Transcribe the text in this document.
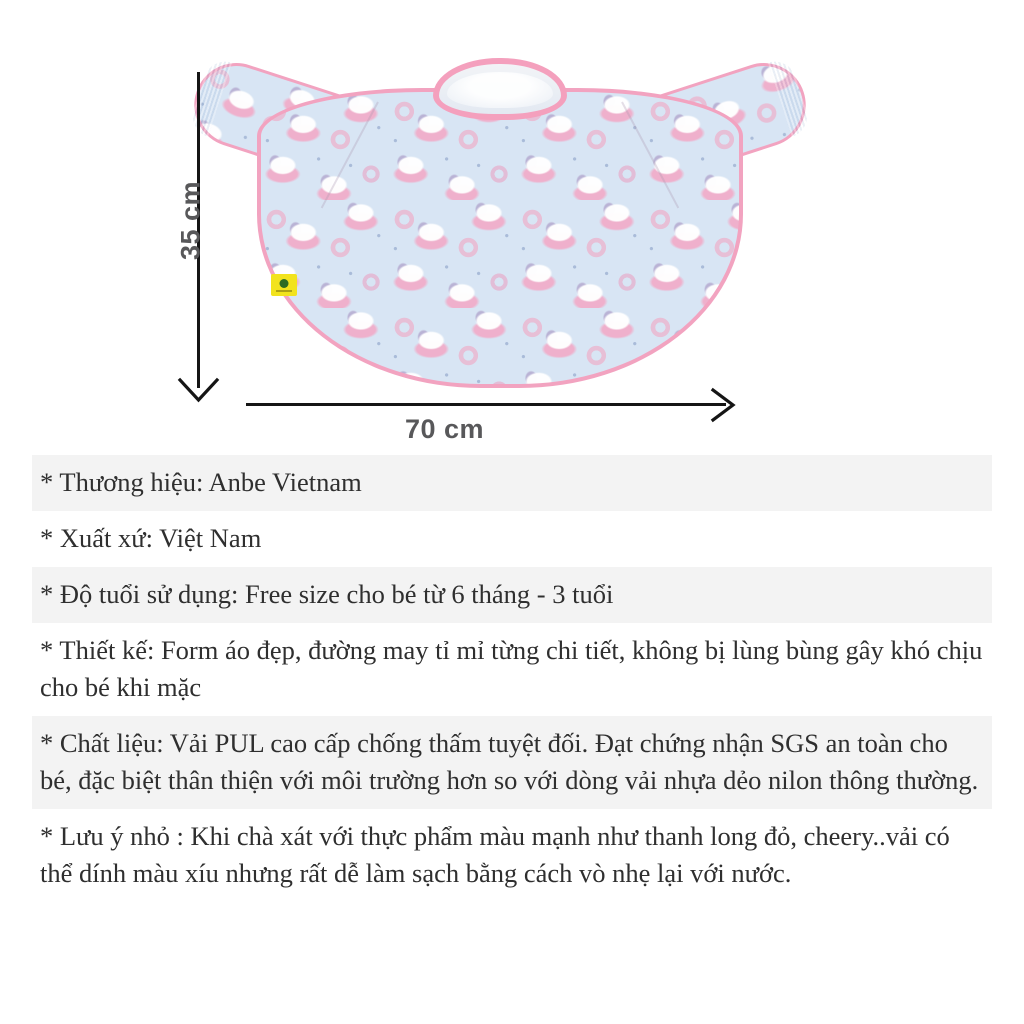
35 cm
70 cm
* Thương hiệu: Anbe Vietnam
* Xuất xứ: Việt Nam
* Độ tuổi sử dụng: Free size cho bé từ 6 tháng - 3 tuổi
* Thiết kế: Form áo đẹp, đường may tỉ mỉ từng chi tiết, không bị lùng bùng gây khó chịu cho bé khi mặc
* Chất liệu: Vải PUL cao cấp chống thấm tuyệt đối. Đạt chứng nhận SGS an toàn cho bé, đặc biệt thân thiện với môi trường hơn so với dòng vải nhựa dẻo nilon thông thường.
* Lưu ý nhỏ : Khi chà xát với thực phẩm màu mạnh như thanh long đỏ, cheery..vải có thể dính màu xíu nhưng rất dễ làm sạch bằng cách vò nhẹ lại với nước.
